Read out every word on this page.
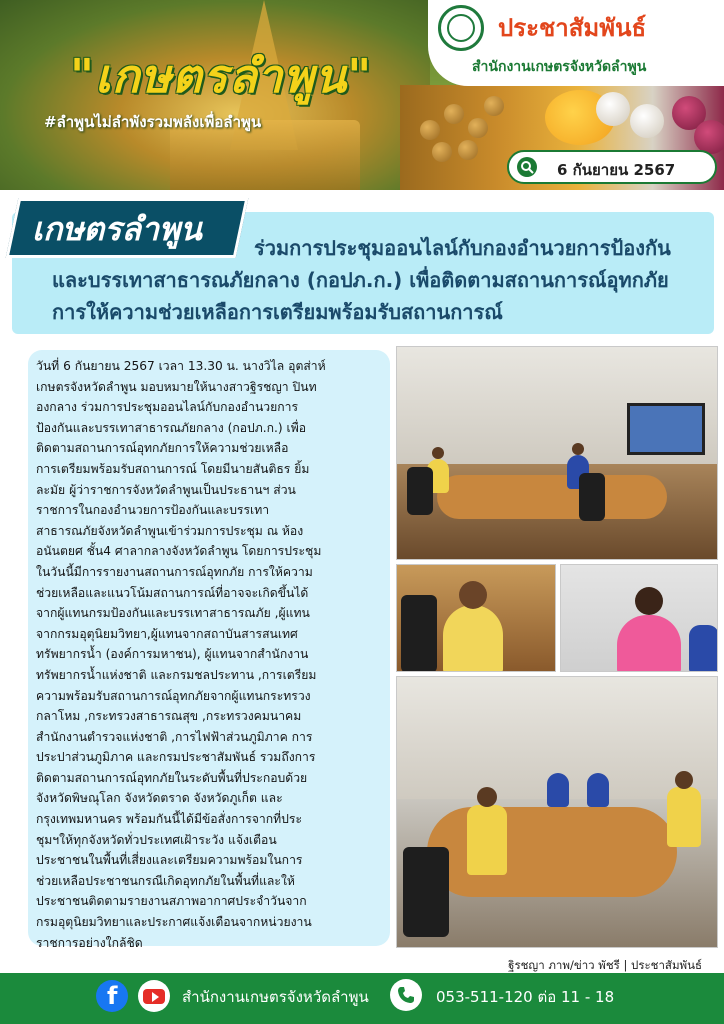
"เกษตรลำพูน"
#ลำพูนไม่ลำพังรวมพลังเพื่อลำพูน
ประชาสัมพันธ์
สำนักงานเกษตรจังหวัดลำพูน
6 กันยายน 2567
เกษตรลำพูน	ร่วมการประชุมออนไลน์กับกองอำนวยการป้องกัน
และบรรเทาสาธารณภัยกลาง (กอปภ.ก.) เพื่อติดตามสถานการณ์อุทกภัย
การให้ความช่วยเหลือการเตรียมพร้อมรับสถานการณ์
วันที่ 6 กันยายน 2567 เวลา 13.30 น. นางวิไล อุตส่าห์
เกษตรจังหวัดลำพูน มอบหมายให้นางสาวฐิรชญา ปินท
องกลาง ร่วมการประชุมออนไลน์กับกองอำนวยการ
ป้องกันและบรรเทาสาธารณภัยกลาง (กอปภ.ก.) เพื่อ
ติดตามสถานการณ์อุทกภัยการให้ความช่วยเหลือ
การเตรียมพร้อมรับสถานการณ์ โดยมีนายสันติธร ยิ้ม
ละมัย ผู้ว่าราชการจังหวัดลำพูนเป็นประธานฯ ส่วน
ราชการในกองอำนวยการป้องกันและบรรเทา
สาธารณภัยจังหวัดลำพูนเข้าร่วมการประชุม ณ ห้อง
อนันตยศ ชั้น4 ศาลากลางจังหวัดลำพูน โดยการประชุม
ในวันนี้มีการรายงานสถานการณ์อุทกภัย การให้ความ
ช่วยเหลือและแนวโน้มสถานการณ์ที่อาจจะเกิดขึ้นได้
จากผู้แทนกรมป้องกันและบรรเทาสาธารณภัย ,ผู้แทน
จากกรมอุตุนิยมวิทยา,ผู้แทนจากสถาบันสารสนเทศ
ทรัพยากรน้ำ (องค์การมหาชน), ผู้แทนจากสำนักงาน
ทรัพยากรน้ำแห่งชาติ และกรมชลประทาน ,การเตรียม
ความพร้อมรับสถานการณ์อุทกภัยจากผู้แทนกระทรวง
กลาโหม ,กระทรวงสาธารณสุข ,กระทรวงคมนาคม
สำนักงานตำรวจแห่งชาติ ,การไฟฟ้าส่วนภูมิภาค การ
ประปาส่วนภูมิภาค และกรมประชาสัมพันธ์ รวมถึงการ
ติดตามสถานการณ์อุทกภัยในระดับพื้นที่ประกอบด้วย
จังหวัดพิษณุโลก จังหวัดตราด จังหวัดภูเก็ต และ
กรุงเทพมหานคร พร้อมกันนี้ได้มีข้อสั่งการจากที่ประ
ชุมฯให้ทุกจังหวัดทั่วประเทศเฝ้าระวัง แจ้งเตือน
ประชาชนในพื้นที่เสี่ยงและเตรียมความพร้อมในการ
ช่วยเหลือประชาชนกรณีเกิดอุทกภัยในพื้นที่และให้
ประชาชนติดตามรายงานสภาพอากาศประจำวันจาก
กรมอุตุนิยมวิทยาและประกาศแจ้งเตือนจากหน่วยงาน
ราชการอย่างใกล้ชิด
ฐิรชญา ภาพ/ข่าว พัชรี | ประชาสัมพันธ์
f	สำนักงานเกษตรจังหวัดลำพูน	053-511-120 ต่อ 11 - 18
